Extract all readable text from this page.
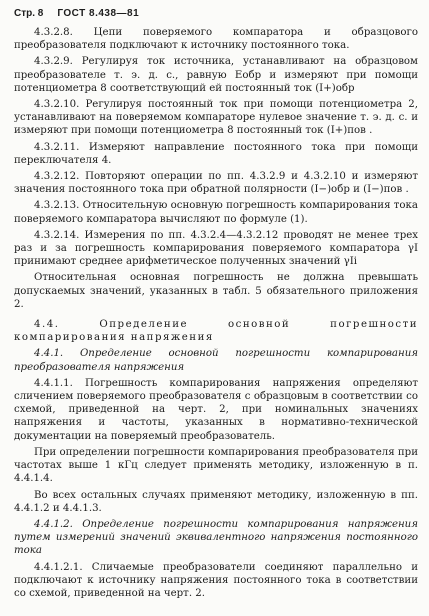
Стр. 8 ГОСТ 8.438—81

4.3.2.8. Цепи поверяемого компаратора и образцового преобразователя подключают к источнику постоянного тока.

4.3.2.9. Регулируя ток источника, устанавливают на образцовом преобразователе т. э. д. с., равную Eобр и измеряют при помощи потенциометра 8 соответствующий ей постоянный ток (I+)обр

4.3.2.10. Регулируя постоянный ток при помощи потенциометра 2, устанавливают на поверяемом компараторе нулевое значение т. э. д. с. и измеряют при помощи потенциометра 8 постоянный ток (I+)пов .

4.3.2.11. Измеряют направление постоянного тока при помощи переключателя 4.

4.3.2.12. Повторяют операции по пп. 4.3.2.9 и 4.3.2.10 и измеряют значения постоянного тока при обратной полярности (I−)обр и (I−)пов .

4.3.2.13. Относительную основную погрешность компарирования тока поверяемого компаратора вычисляют по формуле (1).

4.3.2.14. Измерения по пп. 4.3.2.4—4.3.2.12 проводят не менее трех раз и за погрешность компарирования поверяемого компаратора γI принимают среднее арифметическое полученных значений γIi

Относительная основная погрешность не должна превышать допускаемых значений, указанных в табл. 5 обязательного приложения 2.

4.4. Определение основной погрешности компарирования напряжения

4.4.1. Определение основной погрешности компарирования преобразователя напряжения

4.4.1.1. Погрешность компарирования напряжения определяют сличением поверяемого преобразователя с образцовым в соответствии со схемой, приведенной на черт. 2, при номинальных значениях напряжения и частоты, указанных в нормативно-технической документации на поверяемый преобразователь.

При определении погрешности компарирования преобразователя при частотах выше 1 кГц следует применять методику, изложенную в п. 4.4.1.4.

Во всех остальных случаях применяют методику, изложенную в пп. 4.4.1.2 и 4.4.1.3.

4.4.1.2. Определение погрешности компарирования напряжения путем измерений значений эквивалентного напряжения постоянного тока

4.4.1.2.1. Сличаемые преобразователи соединяют параллельно и подключают к источнику напряжения постоянного тока в соответствии со схемой, приведенной на черт. 2.
